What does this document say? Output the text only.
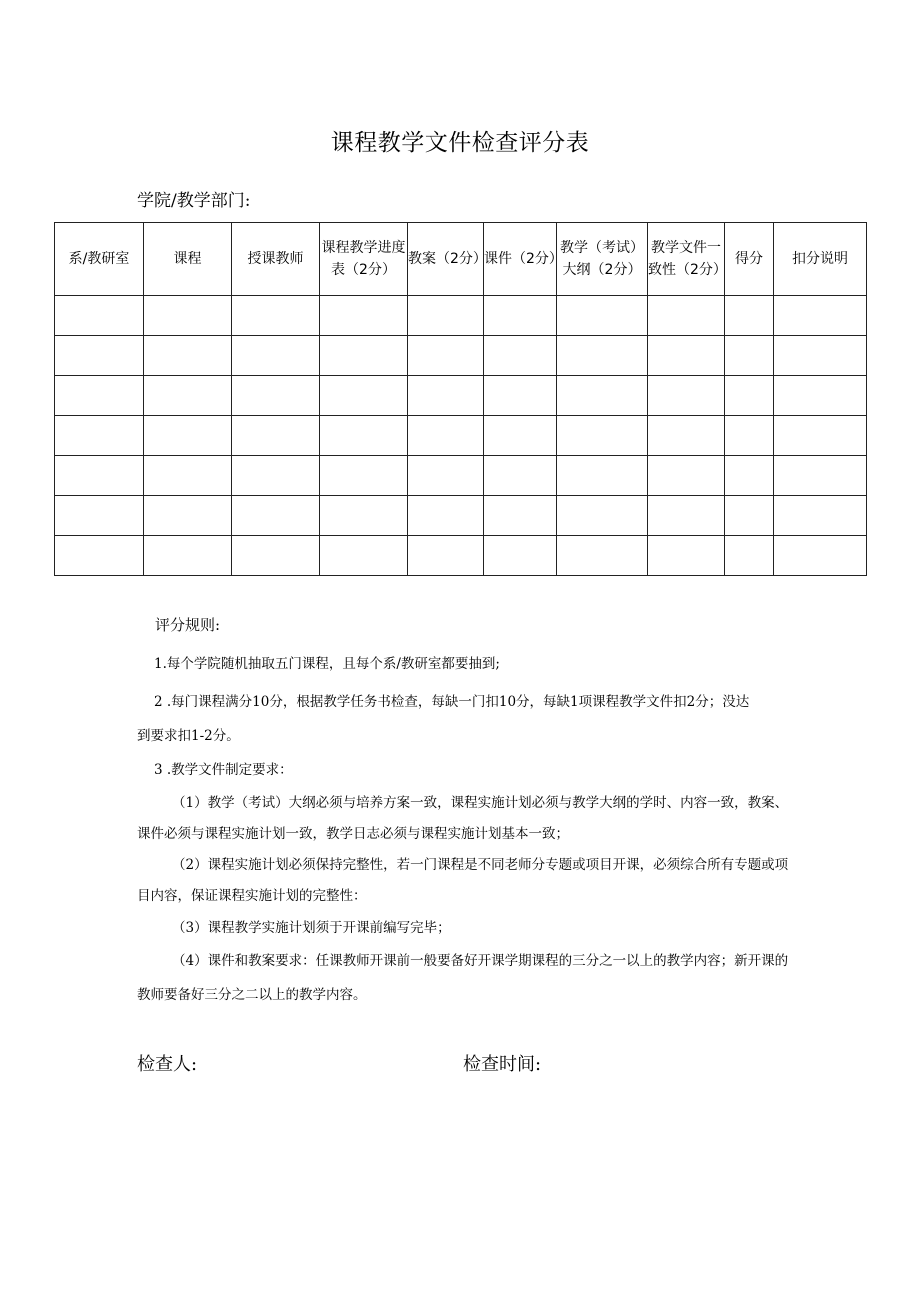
课程教学文件检查评分表
学院/教学部门:
系/教研室	课程	授课教师	课程教学进度表（2分）	教案（2分）	课件（2分）	教学（考试）大纲（2分）	教学文件一致性（2分）	得分	扣分说明

评分规则:
1.每个学院随机抽取五门课程，且每个系/教研室都要抽到;
2 .每门课程满分10分，根据教学任务书检查，每缺一门扣10分，每缺1项课程教学文件扣2分；没达
到要求扣1-2分。
3 .教学文件制定要求：
（1）教学（考试）大纲必须与培养方案一致，课程实施计划必须与教学大纲的学时、内容一致，教案、
课件必须与课程实施计划一致，教学日志必须与课程实施计划基本一致；
（2）课程实施计划必须保持完整性，若一门课程是不同老师分专题或项目开课，必须综合所有专题或项
目内容，保证课程实施计划的完整性：
（3）课程教学实施计划须于开课前编写完毕；
（4）课件和教案要求：任课教师开课前一般要备好开课学期课程的三分之一以上的教学内容；新开课的
教师要备好三分之二以上的教学内容。
检查人:	检查时间:
